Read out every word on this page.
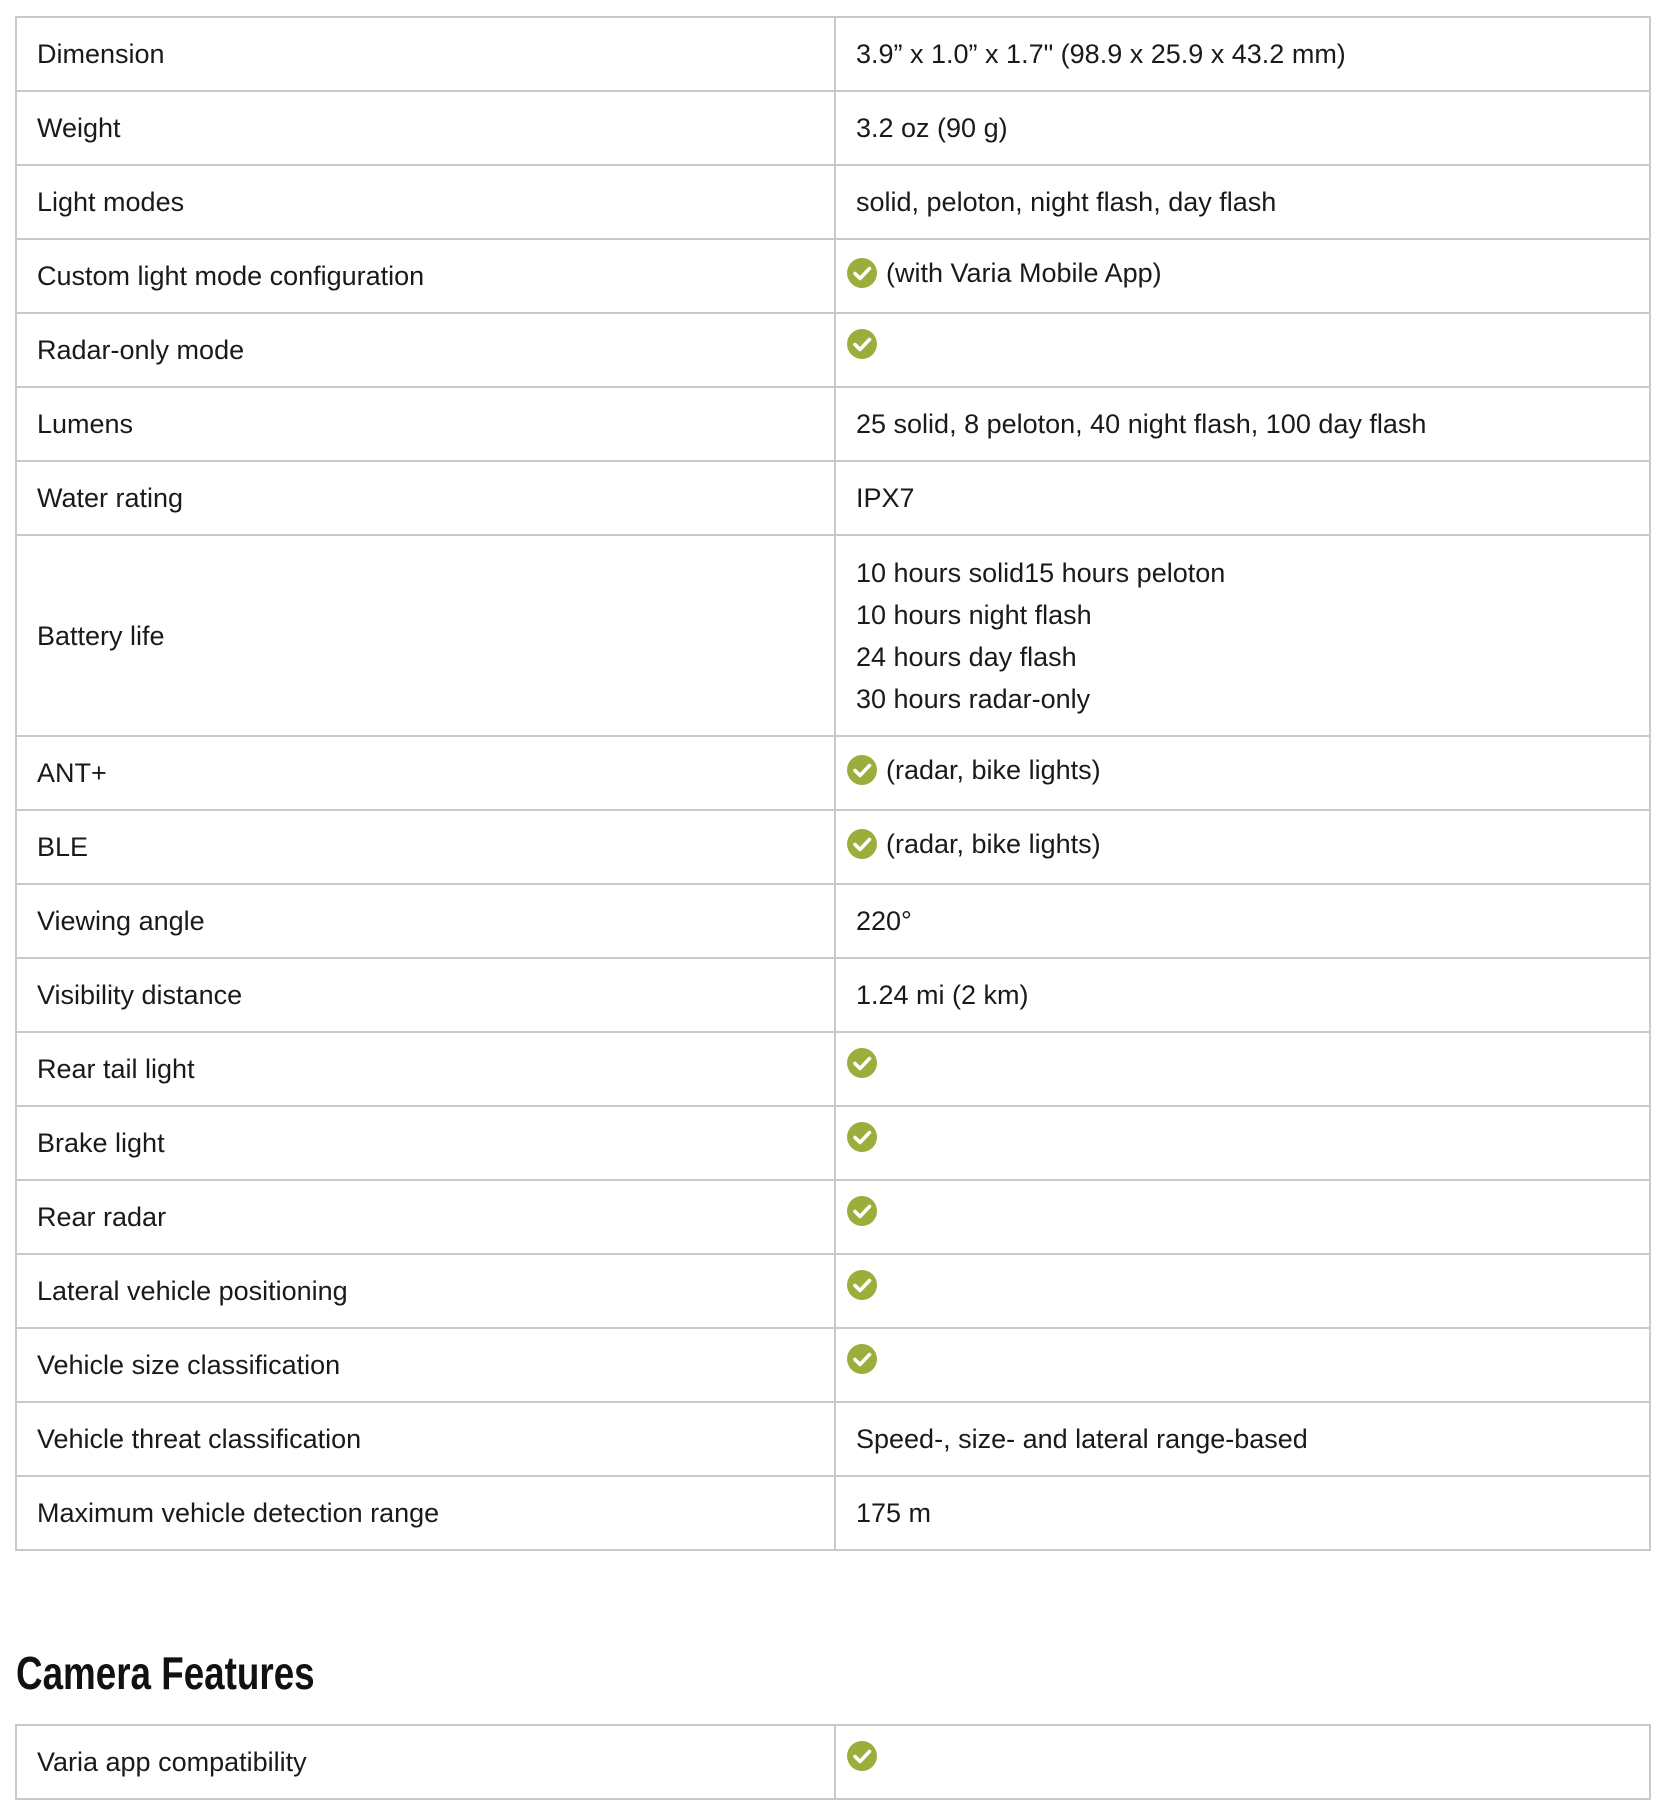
Dimension	3.9” x 1.0” x 1.7" (98.9 x 25.9 x 43.2 mm)
Weight	3.2 oz (90 g)
Light modes	solid, peloton, night flash, day flash
Custom light mode configuration	(with Varia Mobile App)

Radar-only mode	

Lumens	25 solid, 8 peloton, 40 night flash, 100 day flash
Water rating	IPX7
Battery life	10 hours solid15 hours peloton
10 hours night flash
24 hours day flash
30 hours radar-only

ANT+	(radar, bike lights)

BLE	(radar, bike lights)

Viewing angle	220°
Visibility distance	1.24 mi (2 km)
Rear tail light	

Brake light	

Rear radar	

Lateral vehicle positioning	

Vehicle size classification	

Vehicle threat classification	Speed-, size- and lateral range-based
Maximum vehicle detection range	175 m
Camera Features
Varia app compatibility	
